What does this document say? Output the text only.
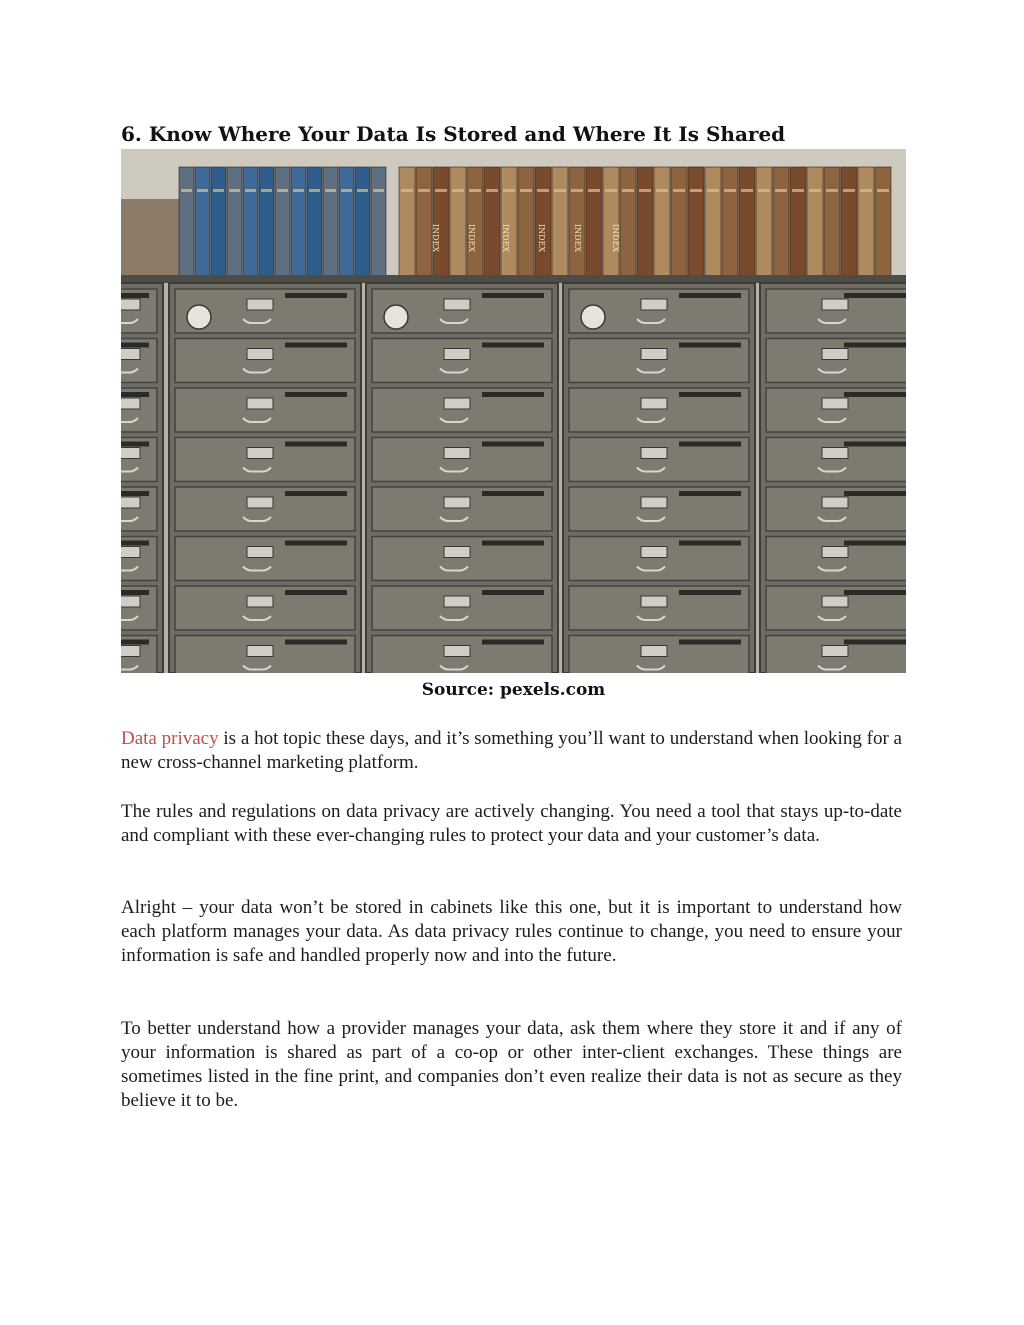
6. Know Where Your Data Is Stored and Where It Is Shared
INDEX	INDEX	INDEX	INDEX	INDEX	INDEX

Source: pexels.com

Data privacy is a hot topic these days, and it’s something you’ll want to understand when looking for a new cross-channel marketing platform.

The rules and regulations on data privacy are actively changing. You need a tool that stays up-to-date and compliant with these ever-changing rules to protect your data and your customer’s data.

Alright – your data won’t be stored in cabinets like this one, but it is important to understand how each platform manages your data. As data privacy rules continue to change, you need to ensure your information is safe and handled properly now and into the future.

To better understand how a provider manages your data, ask them where they store it and if any of your information is shared as part of a co-op or other inter-client exchanges. These things are sometimes listed in the fine print, and companies don’t even realize their data is not as secure as they believe it to be.
